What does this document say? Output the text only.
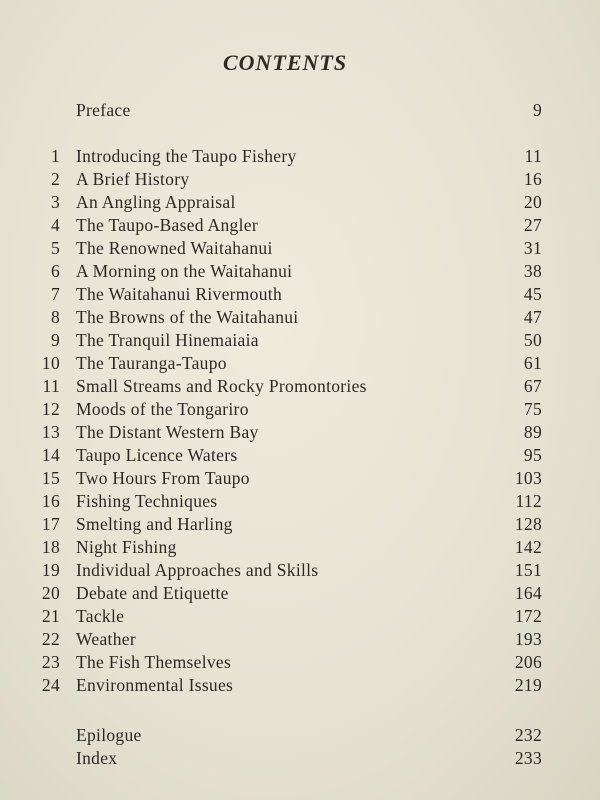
CONTENTS
Preface	9
1 Introducing the Taupo Fishery	11
2 A Brief History	16
3 An Angling Appraisal	20
4 The Taupo-Based Angler	27
5 The Renowned Waitahanui	31
6 A Morning on the Waitahanui	38
7 The Waitahanui Rivermouth	45
8 The Browns of the Waitahanui	47
9 The Tranquil Hinemaiaia	50
10 The Tauranga-Taupo	61
11 Small Streams and Rocky Promontories	67
12 Moods of the Tongariro	75
13 The Distant Western Bay	89
14 Taupo Licence Waters	95
15 Two Hours From Taupo	103
16 Fishing Techniques	112
17 Smelting and Harling	128
18 Night Fishing	142
19 Individual Approaches and Skills	151
20 Debate and Etiquette	164
21 Tackle	172
22 Weather	193
23 The Fish Themselves	206
24 Environmental Issues	219
Epilogue	232
Index	233
